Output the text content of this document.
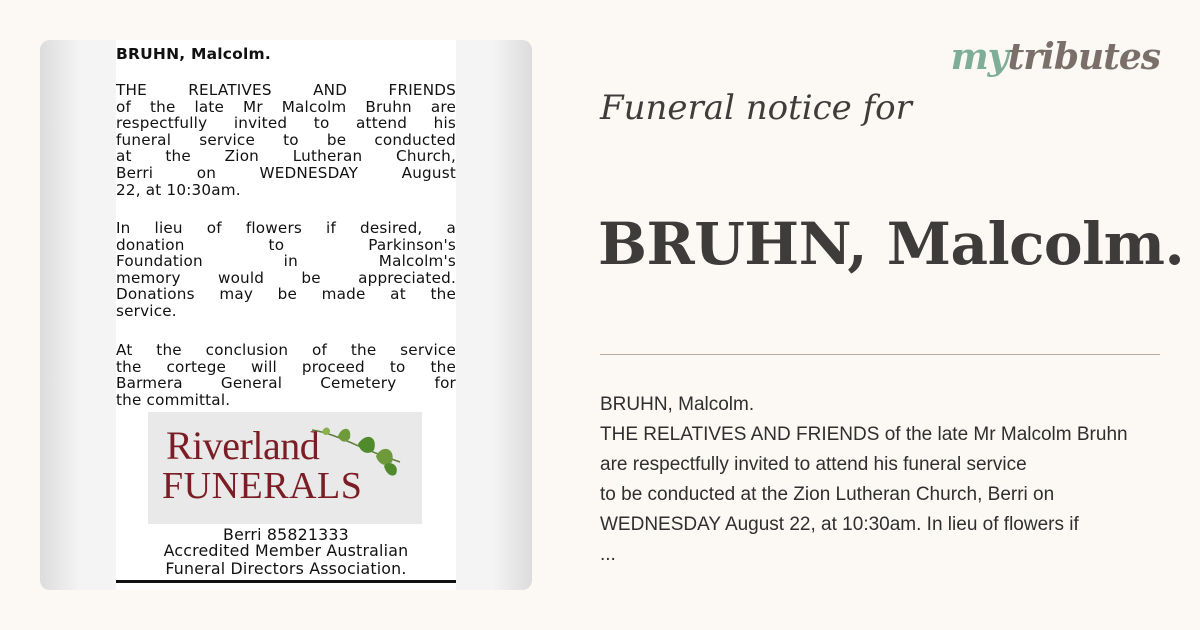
BRUHN, Malcolm.
THE RELATIVES AND FRIENDS
of the late Mr Malcolm Bruhn are
respectfully invited to attend his
funeral service to be conducted
at the Zion Lutheran Church,
Berri on WEDNESDAY August
22, at 10:30am.
In lieu of flowers if desired, a
donation to Parkinson's
Foundation in Malcolm's
memory would be appreciated.
Donations may be made at the
service.
At the conclusion of the service
the cortege will proceed to the
Barmera General Cemetery for
the committal.
Riverland
FUNERALS
Berri 85821333
Accredited Member Australian
Funeral Directors Association.
mytributes
Funeral notice for
BRUHN, Malcolm.
BRUHN, Malcolm.
THE RELATIVES AND FRIENDS of the late Mr Malcolm Bruhn
are respectfully invited to attend his funeral service
to be conducted at the Zion Lutheran Church, Berri on
WEDNESDAY August 22, at 10:30am. In lieu of flowers if
...
